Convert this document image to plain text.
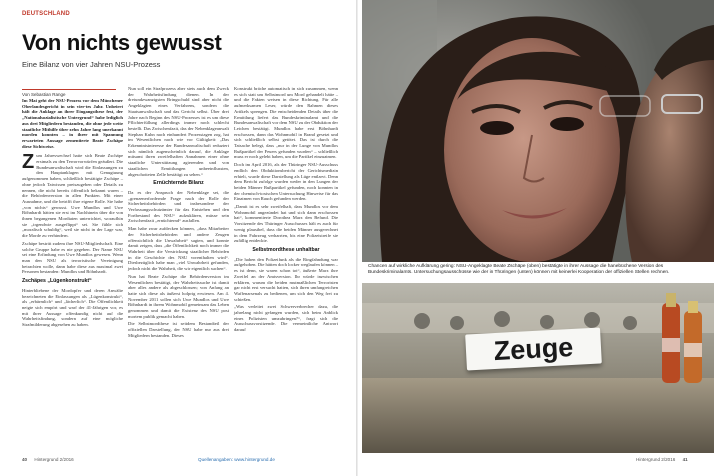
DEUTSCHLAND
Von nichts gewusst
Eine Bilanz von vier Jahren NSU-Prozess
Von Sebastian Range

Im Mai geht der NSU-Prozess vor dem Münchener Oberlandesgericht in sein vier-tes Jahr. Unbeirrt hält die Anklage an ihrer Eingangsthese fest, der „Nationalsozialistische Untergrund“ habe lediglich aus drei Mitgliedern bestanden, die ohne jede weite staatliche Mithilfe über zehn Jahre lang unerkannt morden konnten – in ihrer mit Spannung erwarteten Aussage zementierte Beate Zschäpe diese Sichtweise.

Zum Jahreswechsel hatte sich Beate Zschäpe erstmals zu den Terrorvorwürfen geäußert. Die Bundesanwaltschaft wird die Einlassungen zu den Hauptanklagen mit Genugtuung aufgenommen haben, schließlich bestätigte Zschäpe – ohne jedoch Tatwissen preiszugeben oder Details zu nennen, die nicht bereits öffentlich bekannt waren – die Behördenversion in allen Punkten. Mit einer Ausnahme, und die betrifft ihre eigene Rolle. Sie habe „von nichts“ gewusst. Uwe Mundlos und Uwe Böhnhardt hätten sie erst im Nachhinein über die von ihnen begangenen Mordtaten unterrichtet, woraufhin sie „irgendwie ausgeflippt“ sei. Sie fühle sich „moralisch schuldig“, weil sie nicht in der Lage war, die Morde zu verhindern.

Zschäpe bestritt zudem ihre NSU-Mitgliedschaft. Eine solche Gruppe habe es nie gegeben. Der Name NSU sei eine Erfindung von Uwe Mundlos gewesen. Wenn man den NSU als terroristische Vereinigung betrachten wolle, dann habe diese aus maximal zwei Personen bestanden: Mundlos und Böhnhardt.

Zschäpes „Lügenkonstrukt“

Hinterbliebene der Mordopfer und deren Anwälte bezeichneten die Einlassungen als „Lügenkonstrukt“, als „erbärmlich“ und „lächerlich“. Die Öffentlichkeit neigte sich empört und warf der 41-Jährigen vor, es mit ihrer Aussage offenkundig nicht auf die Wahrheitsfindung, sondern auf eine mögliche Strafmilderung abgesehen zu haben.

Nun soll ein Strafprozess aber stets auch dem Zweck der Wahrheitsfindung dienen. In der dreiundzwanzigsten Bringschuld sind aber nicht die Angeklagten eines Verfahrens, sondern die Staatsanwaltschaft und das Gericht selbst. Über drei Jahre nach Beginn des NSU-Prozesses ist es um diese Pflichterfüllung allerdings immer noch schlecht bestellt. Das Zwischenfazit, das der Nebenklageanwalt Stephan Kuhn nach einhundert Prozesstagen zog, hat im Wesentlichen nach wie vor Gültigkeit: „Das Erkenntnisinteresse der Bundesanwaltschaft reduziert sich nämlich augenscheinlich darauf, die Anklage mitsamt ihren zweifelhaften Annahmen einer ohne staatliche Unterstützung agierenden und von staatlichen Ermittlungen unbeeinflussten, abgeschotteten Zelle bestätigt zu sehen.“

Ernüchternde Bilanz

Da es der Anspruch der Nebenklage sei, die „grenzenerfordernde Frage nach der Rolle der Sicherheitsbehörden und insbesondere der Verfassungsschutzämter für das Entstehen und den Fortbestand des NSU“ aufzuklären, müsse sein Zwischenfazit „ernüchternd“ ausfallen.

Man habe zwar aufdecken können, „dass Mitarbeiter der Sicherheitsbehörden und andere Zeugen offensichtlich die Unwahrheit“ sagten, und konnte damit zeigen, dass „die Öffentlichkeit noch immer die Wahrheit über die Verstrickung staatlicher Behörden in die Geschichte des NSU vorenthalten wird“. Diesbezüglich habe man „viel Unwahrheit gefunden, jedoch nicht die Wahrheit, die wir eigentlich suchen“.

Nun hat Beate Zschäpe die Behördenversion im Wesentlichen bestätigt, der Wahrheitssuche ist damit aber alles andere als abgeschlossen; von Anfang an hatte sich diese als äußerst holprig erwiesen. Am 4. November 2011 sollen sich Uwe Mundlos und Uwe Böhnhardt in ihrem Wohnmobil gemeinsam das Leben genommen und damit die Existenz des NSU post mortem publik gemacht haben.

Die Selbstmordthese ist seitdem Bestandteil der offiziellen Darstellung, der NSU habe nur aus drei Mitgliedern bestanden. Dieses

Konstrukt bräche automatisch in sich zusammen, wenn es sich statt um Selbstmord um Mord gehandelt hätte – und die Fakten weisen in diese Richtung. Für alle aufmerksamen Leser, würde den Rahmen dieses Artikels sprengen. Die entscheidenden Details über die Ermittlung liefert das Bundeskriminalamt und die Bundesanwaltschaft vor dem NSU zu der Obduktion der Leichen bestätigt. Mundlos habe erst Böhnhardt erschossen, dann das Wohnmobil in Brand gesetzt und sich schließlich selbst getötet. Das ist durch die Tatsache belegt, dass „nur in der Lunge von Mundlos Rußpartikel der Feuers gefunden wurden“ – schließlich muss er noch gelebt haben, um die Partikel einzuatmen.

Doch im April 2016, als der Thüringer NSU-Ausschuss endlich den Obduktionsbericht der Gerichtsmedizin erhielt, wurde diese Darstellung als Lüge entlarvt. Denn dem Bericht zufolge wurden weder in den Lungen der beiden Männer Rußpartikel gefunden, noch konnten in der chemisch-toxischen Untersuchung Hinweise für das Einatmen von Rauch gefunden werden.

„Damit ist es sehr zweifelhaft, dass Mundlos vor dem Wohnmobil angezündet hat und sich dann erschossen hat“, kommentierte Dorothea Marx den Befund. Die Vorsitzende des Thüringer Ausschusses hält es auch für wenig plausibel, dass die beiden Männer ausgerechnet in dem Fahrzeug verharrten, bis eine Polizeistreife sie zufällig entdeckte.

Selbstmordthese unhaltbar

„Die haben den Polizeifunk als die Ringfahndung war aufgehoben. Die hätten doch locker weglaufen können – es ist denn, sie waren schon tot“, äußerte Marx ihre Zweifel an der Amtsversion. Ihr würde inzwischen erklären, warum die beiden mutmaßlichen Terroristen gar nicht erst versucht hatten, sich ihren umfangreichen Waffenarsenals zu bedienen, um sich den Weg frei zu schießen.

„Was verleitet zwei Schwerverbrecher dazu, die jahrelang nicht gefangen wurden, sich beim Anblick eines Polizisten umzubringen?“, fragt sich die Ausschussvorsitzende. Die vermeintliche Antwort darauf

40 Hintergrund 2/2016	Quellenangaben: www.hintergrund.de
Chancen auf wirkliche Aufklärung gering: NSU-Angeklagte Beate Zschäpe (oben) bestätigte in ihrer Aussage die hanebüchene Version des Bundeskriminalamts. Untersuchungsausschüsse wie der in Thüringen (unten) können mit keinerlei Kooperation der offiziellen Stellen rechnen.
Zeuge
Hintergrund 2/2016 41
